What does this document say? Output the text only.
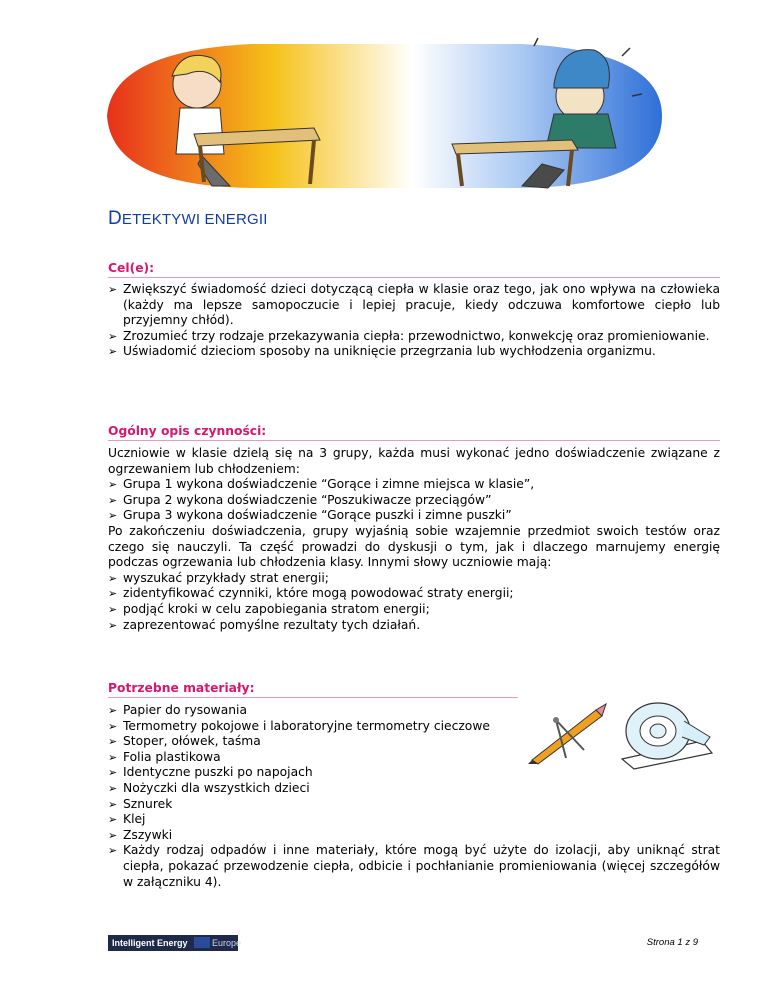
DETEKTYWI ENERGII
Cel(e):
➢ Zwiększyć świadomość dzieci dotyczącą ciepła w klasie oraz tego, jak ono wpływa na człowieka (każdy ma lepsze samopoczucie i lepiej pracuje, kiedy odczuwa komfortowe ciepło lub przyjemny chłód).
➢ Zrozumieć trzy rodzaje przekazywania ciepła: przewodnictwo, konwekcję oraz promieniowanie.
➢ Uświadomić dzieciom sposoby na uniknięcie przegrzania lub wychłodzenia organizmu.
Ogólny opis czynności:
Uczniowie w klasie dzielą się na 3 grupy, każda musi wykonać jedno doświadczenie związane z ogrzewaniem lub chłodzeniem:
➢ Grupa 1 wykona doświadczenie “Gorące i zimne miejsca w klasie”,
➢ Grupa 2 wykona doświadczenie “Poszukiwacze przeciągów”
➢ Grupa 3 wykona doświadczenie “Gorące puszki i zimne puszki”
Po zakończeniu doświadczenia, grupy wyjaśnią sobie wzajemnie przedmiot swoich testów oraz czego się nauczyli. Ta część prowadzi do dyskusji o tym, jak i dlaczego marnujemy energię podczas ogrzewania lub chłodzenia klasy. Innymi słowy uczniowie mają:
➢ wyszukać przykłady strat energii;
➢ zidentyfikować czynniki, które mogą powodować straty energii;
➢ podjąć kroki w celu zapobiegania stratom energii;
➢ zaprezentować pomyślne rezultaty tych działań.
Potrzebne materiały:
➢ Papier do rysowania
➢ Termometry pokojowe i laboratoryjne termometry cieczowe
➢ Stoper, ołówek, taśma
➢ Folia plastikowa
➢ Identyczne puszki po napojach
➢ Nożyczki dla wszystkich dzieci
➢ Sznurek
➢ Klej
➢ Zszywki
➢ Każdy rodzaj odpadów i inne materiały, które mogą być użyte do izolacji, aby uniknąć strat ciepła, pokazać przewodzenie ciepła, odbicie i pochłanianie promieniowania (więcej szczegółów w załączniku 4).
Intelligent Energy	Europe	Strona 1 z 9
